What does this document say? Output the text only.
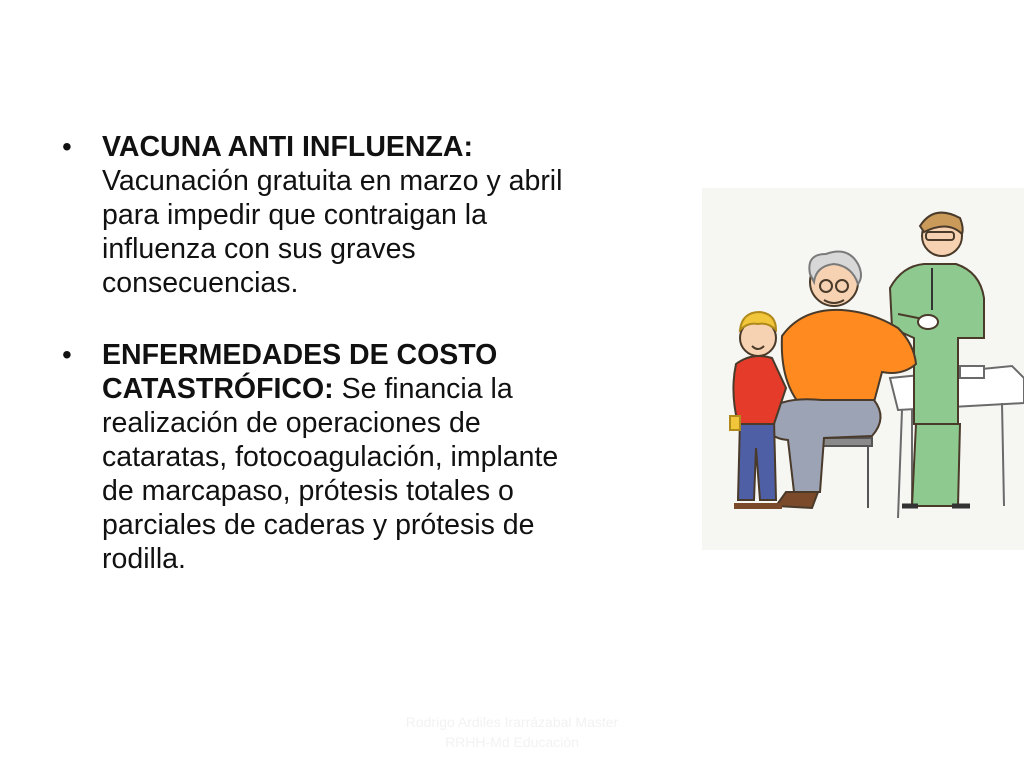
• VACUNA ANTI INFLUENZA:
Vacunación gratuita en marzo y abril
para impedir que contraigan la
influenza con sus graves
consecuencias.
• ENFERMEDADES DE COSTO
CATASTRÓFICO: Se financia la
realización de operaciones de
cataratas, fotocoagulación, implante
de marcapaso, prótesis totales o
parciales de caderas y prótesis de
rodilla.
Rodrigo Ardiles Irarrázabal Master
RRHH-Md Educación
